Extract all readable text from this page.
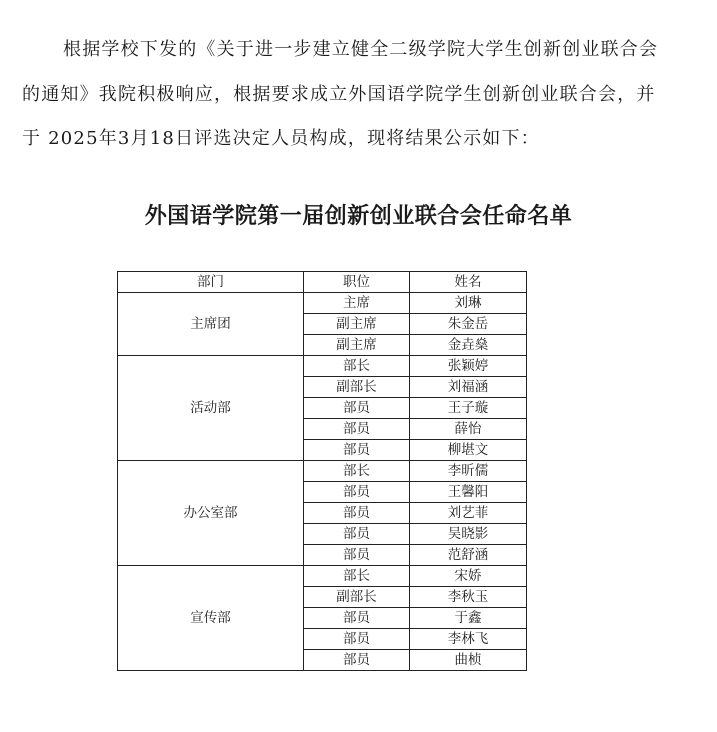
根据学校下发的《关于进一步建立健全二级学院大学生创新创业联合会的通知》我院积极响应，根据要求成立外国语学院学生创新创业联合会，并于 2025年3月18日评选决定人员构成，现将结果公示如下：

外国语学院第一届创新创业联合会任命名单
部门	职位	姓名
主席团	主席	刘琳
	副主席	朱金岳
	副主席	金垚燊
活动部	部长	张颖婷
	副部长	刘福涵
	部员	王子璇
	部员	薛怡
	部员	柳堪文
办公室部	部长	李昕儒
	部员	王馨阳
	部员	刘艺菲
	部员	吴晓影
	部员	范舒涵
宣传部	部长	宋娇
	副部长	李秋玉
	部员	于鑫
	部员	李林飞
	部员	曲桢
